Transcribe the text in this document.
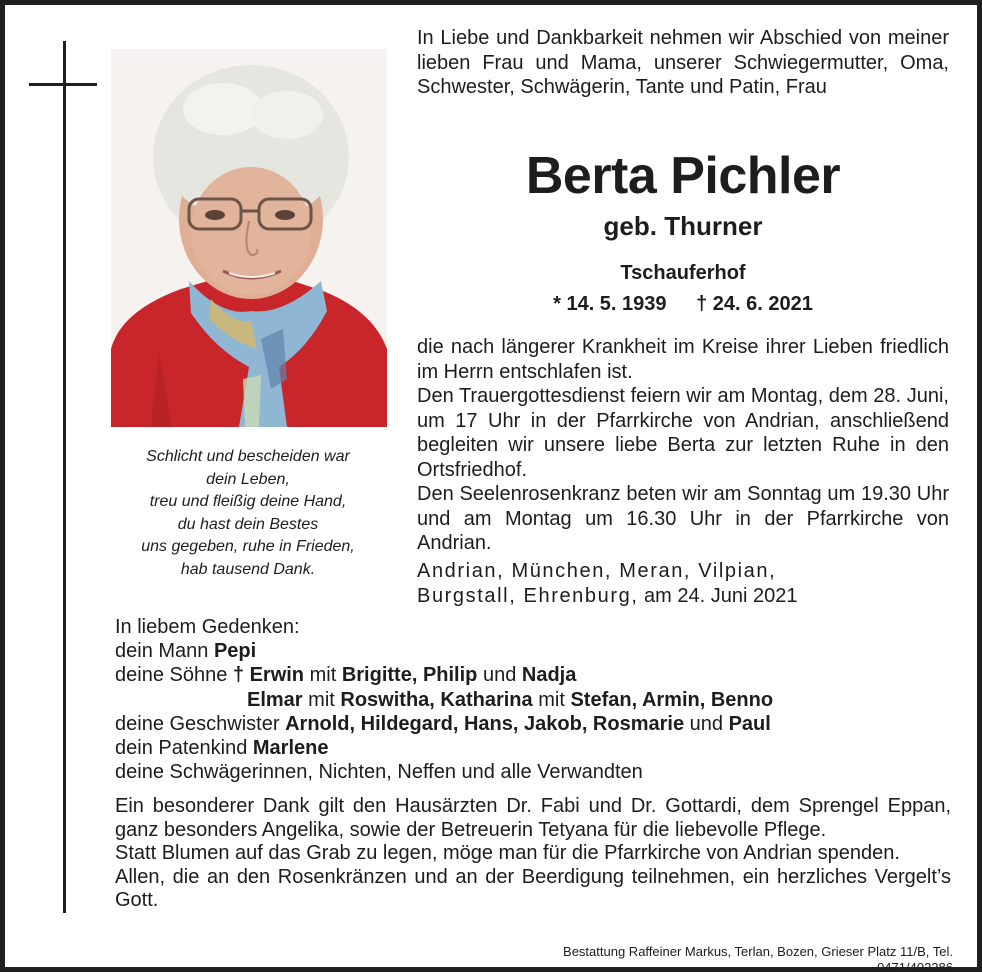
Schlicht und bescheiden war
dein Leben,
treu und fleißig deine Hand,
du hast dein Bestes
uns gegeben, ruhe in Frieden,
hab tausend Dank.
In Liebe und Dankbarkeit nehmen wir Abschied von meiner lieben Frau und Mama, unserer Schwiegermutter, Oma, Schwester, Schwägerin, Tante und Patin, Frau
Berta Pichler
geb. Thurner
Tschauferhof
* 14. 5. 1939 † 24. 6. 2021

die nach längerer Krankheit im Kreise ihrer Lieben friedlich im Herrn entschlafen ist.

Den Trauergottesdienst feiern wir am Montag, dem 28. Juni, um 17 Uhr in der Pfarrkirche von Andrian, anschließend begleiten wir unsere liebe Berta zur letzten Ruhe in den Ortsfriedhof.

Den Seelenrosenkranz beten wir am Sonntag um 19.30 Uhr und am Montag um 16.30 Uhr in der Pfarrkirche von Andrian.

Andrian, München, Meran, Vilpian,
Burgstall, Ehrenburg, am 24. Juni 2021
In liebem Gedenken:
dein Mann Pepi
deine Söhne † Erwin mit Brigitte, Philip und Nadja
Elmar mit Roswitha, Katharina mit Stefan, Armin, Benno
deine Geschwister Arnold, Hildegard, Hans, Jakob, Rosmarie und Paul
dein Patenkind Marlene
deine Schwägerinnen, Nichten, Neffen und alle Verwandten

Ein besonderer Dank gilt den Hausärzten Dr. Fabi und Dr. Gottardi, dem Sprengel Eppan, ganz besonders Angelika, sowie der Betreuerin Tetyana für die liebevolle Pflege.

Statt Blumen auf das Grab zu legen, möge man für die Pfarrkirche von Andrian spenden.

Allen, die an den Rosenkränzen und an der Beerdigung teilnehmen, ein herzliches Vergelt’s Gott.

Bestattung Raffeiner Markus, Terlan, Bozen, Grieser Platz 11/B, Tel. 0471/402286
